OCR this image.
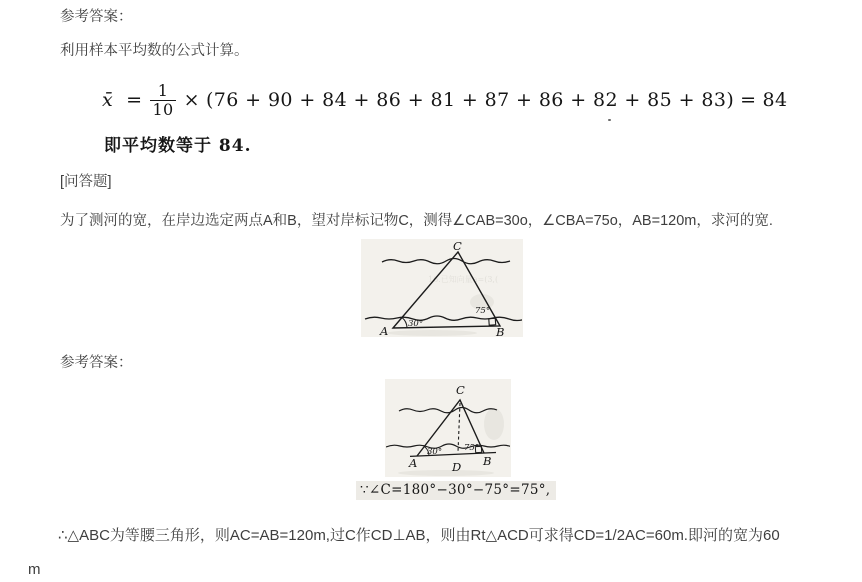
参考答案：
利用样本平均数的公式计算。
x̄ = $\frac{1}{10} \times (76 + 90 + 84 + 86 + 81 + 87 + 86 + 82 + 85 + 83) = 84$
即平均数等于 84.
[问答题]
为了测河的宽，在岸边选定两点A和B，望对岸标记物C，测得∠CAB=30o，∠CBA=75o，AB=120m，求河的宽.
16.已知向量a=(3,(
C
A	B
30°
75°
参考答案：
C
A	B
D
30°	75°
∵∠C=180°−30°−75°=75°,
∴△ABC为等腰三角形，则AC=AB=120m,过C作CD⊥AB，则由Rt△ACD可求得CD=1/2AC=60m.即河的宽为60
m
